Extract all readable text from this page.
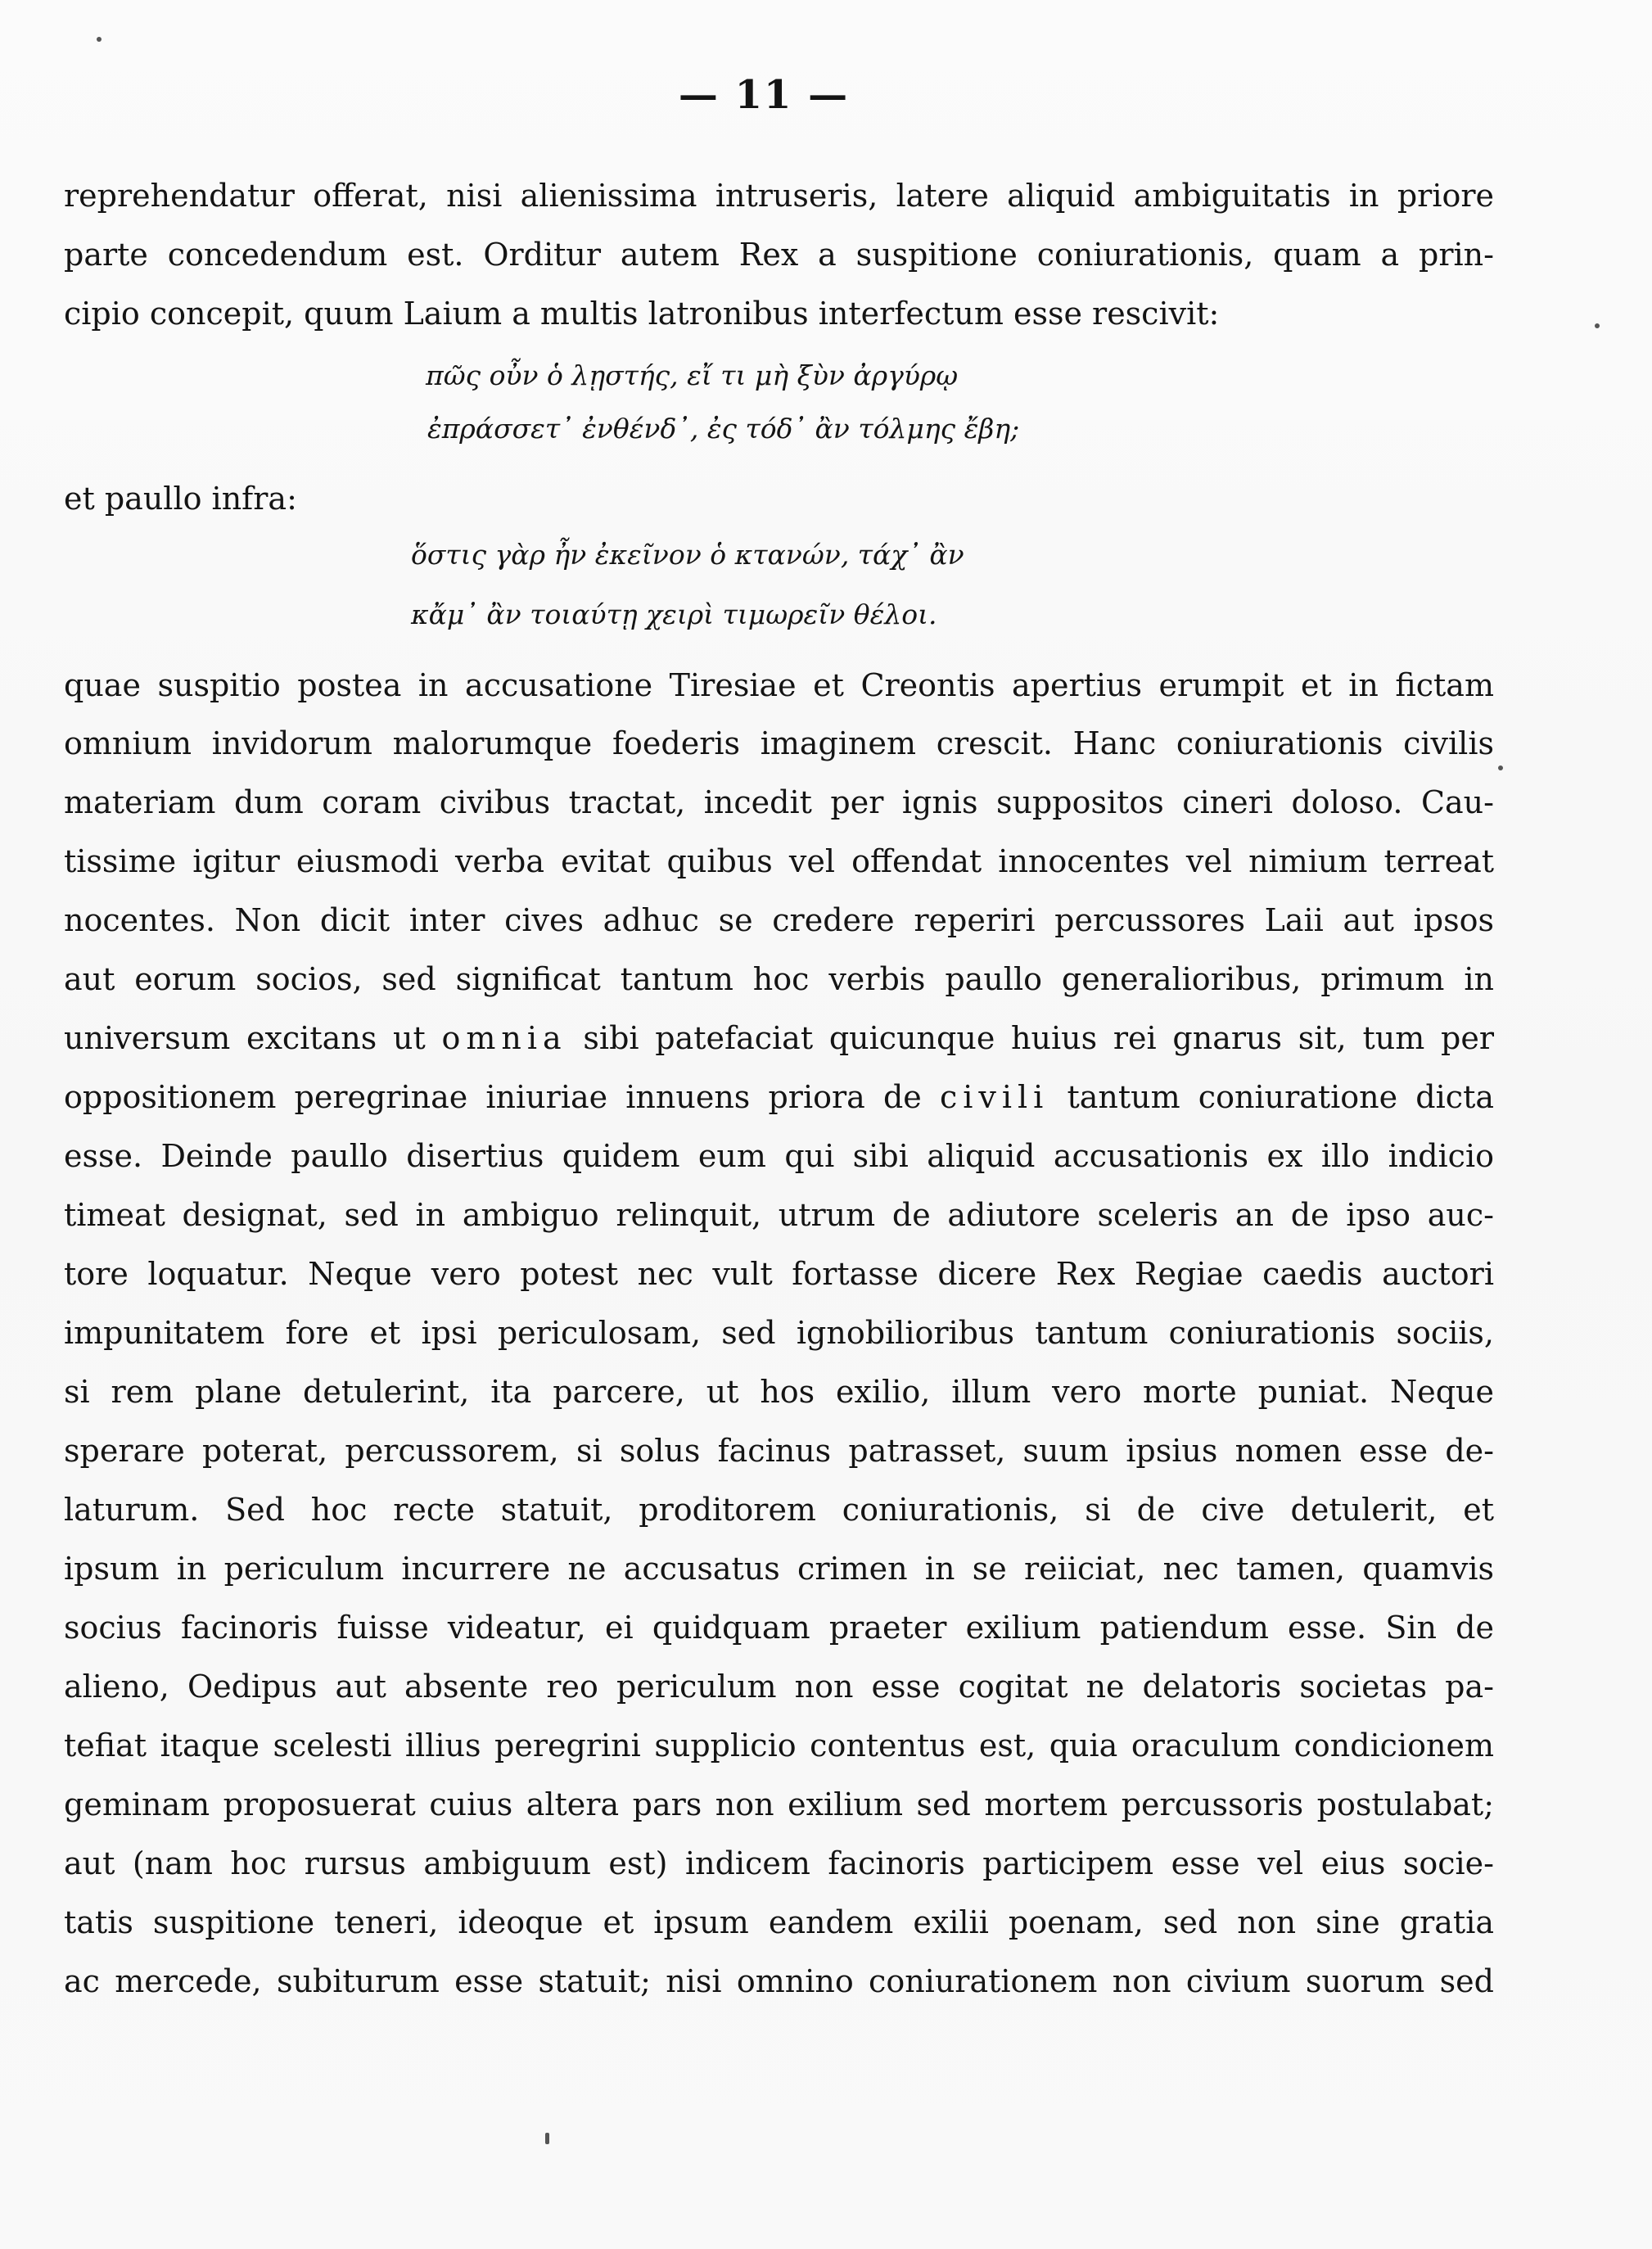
— 11 —
reprehendatur offerat, nisi alienissima intruseris, latere aliquid ambiguitatis in priore
parte concedendum est. Orditur autem Rex a suspitione coniurationis, quam a prin-
cipio concepit, quum Laium a multis latronibus interfectum esse rescivit:
πῶς οὖν ὁ λῃστής, εἴ τι μὴ ξὺν ἀργύρῳ
ἐπράσσετ᾽ ἐνθένδ᾽, ἐς τόδ᾽ ἂν τόλμης ἔβη;
et paullo infra:
ὅστις γὰρ ἦν ἐκεῖνον ὁ κτανών, τάχ᾽ ἂν
κἄμ᾽ ἂν τοιαύτῃ χειρὶ τιμωρεῖν θέλοι.
quae suspitio postea in accusatione Tiresiae et Creontis apertius erumpit et in fictam
omnium invidorum malorumque foederis imaginem crescit. Hanc coniurationis civilis
materiam dum coram civibus tractat, incedit per ignis suppositos cineri doloso. Cau-
tissime igitur eiusmodi verba evitat quibus vel offendat innocentes vel nimium terreat
nocentes. Non dicit inter cives adhuc se credere reperiri percussores Laii aut ipsos
aut eorum socios, sed significat tantum hoc verbis paullo generalioribus, primum in
universum excitans ut omnia sibi patefaciat quicunque huius rei gnarus sit, tum per
oppositionem peregrinae iniuriae innuens priora de civili tantum coniuratione dicta
esse. Deinde paullo disertius quidem eum qui sibi aliquid accusationis ex illo indicio
timeat designat, sed in ambiguo relinquit, utrum de adiutore sceleris an de ipso auc-
tore loquatur. Neque vero potest nec vult fortasse dicere Rex Regiae caedis auctori
impunitatem fore et ipsi periculosam, sed ignobilioribus tantum coniurationis sociis,
si rem plane detulerint, ita parcere, ut hos exilio, illum vero morte puniat. Neque
sperare poterat, percussorem, si solus facinus patrasset, suum ipsius nomen esse de-
laturum. Sed hoc recte statuit, proditorem coniurationis, si de cive detulerit, et
ipsum in periculum incurrere ne accusatus crimen in se reiiciat, nec tamen, quamvis
socius facinoris fuisse videatur, ei quidquam praeter exilium patiendum esse. Sin de
alieno, Oedipus aut absente reo periculum non esse cogitat ne delatoris societas pa-
tefiat itaque scelesti illius peregrini supplicio contentus est, quia oraculum condicionem
geminam proposuerat cuius altera pars non exilium sed mortem percussoris postulabat;
aut (nam hoc rursus ambiguum est) indicem facinoris participem esse vel eius socie-
tatis suspitione teneri, ideoque et ipsum eandem exilii poenam, sed non sine gratia
ac mercede, subiturum esse statuit; nisi omnino coniurationem non civium suorum sed
